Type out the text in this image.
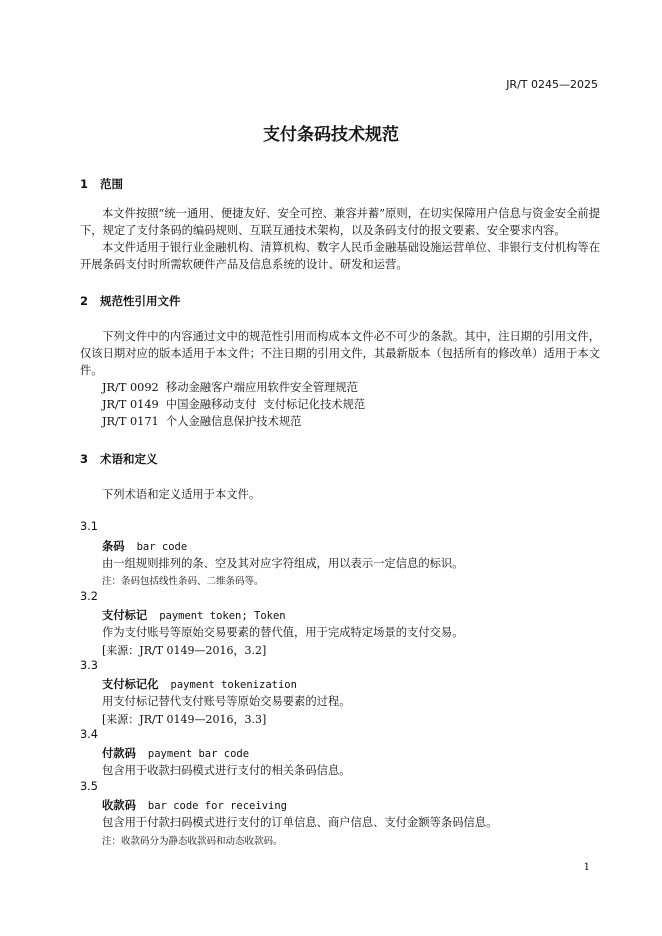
JR/T 0245—2025
支付条码技术规范
1 范围
本文件按照“统一通用、便捷友好、安全可控、兼容并蓄”原则，在切实保障用户信息与资金安全前提下，规定了支付条码的编码规则、互联互通技术架构，以及条码支付的报文要素、安全要求内容。
本文件适用于银行业金融机构、清算机构、数字人民币金融基础设施运营单位、非银行支付机构等在开展条码支付时所需软硬件产品及信息系统的设计、研发和运营。
2 规范性引用文件
下列文件中的内容通过文中的规范性引用而构成本文件必不可少的条款。其中，注日期的引用文件，仅该日期对应的版本适用于本文件；不注日期的引用文件，其最新版本（包括所有的修改单）适用于本文件。
JR/T 0092  移动金融客户端应用软件安全管理规范
JR/T 0149  中国金融移动支付  支付标记化技术规范
JR/T 0171  个人金融信息保护技术规范
3 术语和定义
下列术语和定义适用于本文件。
3.1
条码 bar code
由一组规则排列的条、空及其对应字符组成，用以表示一定信息的标识。
注：条码包括线性条码、二维条码等。
3.2
支付标记 payment token; Token
作为支付账号等原始交易要素的替代值，用于完成特定场景的支付交易。
[来源：JR/T 0149—2016，3.2]
3.3
支付标记化 payment tokenization
用支付标记替代支付账号等原始交易要素的过程。
[来源：JR/T 0149—2016，3.3]
3.4
付款码 payment bar code
包含用于收款扫码模式进行支付的相关条码信息。
3.5
收款码 bar code for receiving
包含用于付款扫码模式进行支付的订单信息、商户信息、支付金额等条码信息。
注：收款码分为静态收款码和动态收款码。
1
